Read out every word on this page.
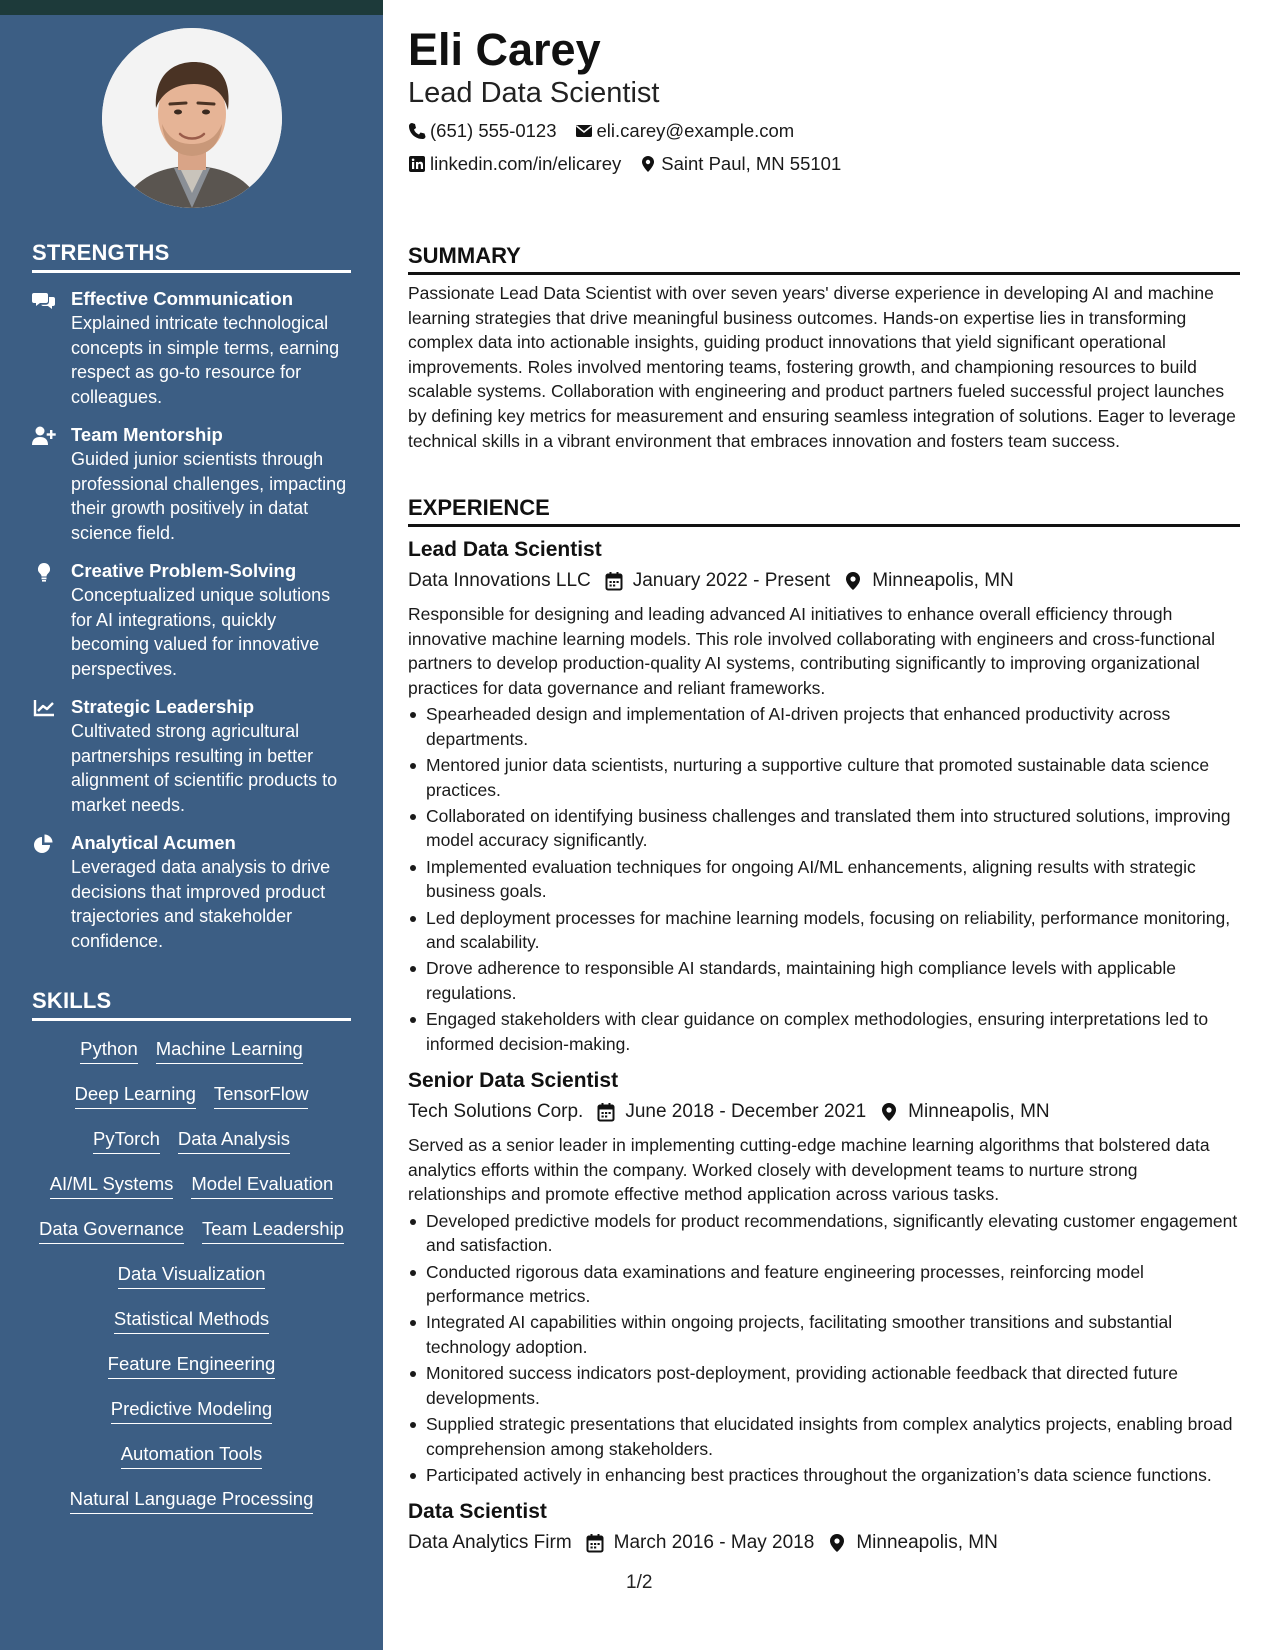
STRENGTHS
Effective Communication
Explained intricate technological concepts in simple terms, earning respect as go-to resource for colleagues.
Team Mentorship
Guided junior scientists through professional challenges, impacting their growth positively in datat science field.
Creative Problem-Solving
Conceptualized unique solutions for AI integrations, quickly becoming valued for innovative perspectives.
Strategic Leadership
Cultivated strong agricultural partnerships resulting in better alignment of scientific products to market needs.
Analytical Acumen
Leveraged data analysis to drive decisions that improved product trajectories and stakeholder confidence.
SKILLS
Python Machine Learning
Deep Learning TensorFlow
PyTorch Data Analysis
AI/ML Systems Model Evaluation
Data Governance Team Leadership
Data Visualization
Statistical Methods
Feature Engineering
Predictive Modeling
Automation Tools
Natural Language Processing
Eli Carey
Lead Data Scientist
(651) 555-0123 eli.carey@example.com
linkedin.com/in/elicarey Saint Paul, MN 55101
SUMMARY
Passionate Lead Data Scientist with over seven years' diverse experience in developing AI and machine learning strategies that drive meaningful business outcomes. Hands-on expertise lies in transforming complex data into actionable insights, guiding product innovations that yield significant operational improvements. Roles involved mentoring teams, fostering growth, and championing resources to build scalable systems. Collaboration with engineering and product partners fueled successful project launches by defining key metrics for measurement and ensuring seamless integration of solutions. Eager to leverage technical skills in a vibrant environment that embraces innovation and fosters team success.
EXPERIENCE
Lead Data Scientist
Data Innovations LLC January 2022 - Present Minneapolis, MN
Responsible for designing and leading advanced AI initiatives to enhance overall efficiency through innovative machine learning models. This role involved collaborating with engineers and cross-functional partners to develop production-quality AI systems, contributing significantly to improving organizational practices for data governance and reliant frameworks.
Spearheaded design and implementation of AI-driven projects that enhanced productivity across departments.
Mentored junior data scientists, nurturing a supportive culture that promoted sustainable data science practices.
Collaborated on identifying business challenges and translated them into structured solutions, improving model accuracy significantly.
Implemented evaluation techniques for ongoing AI/ML enhancements, aligning results with strategic business goals.
Led deployment processes for machine learning models, focusing on reliability, performance monitoring, and scalability.
Drove adherence to responsible AI standards, maintaining high compliance levels with applicable regulations.
Engaged stakeholders with clear guidance on complex methodologies, ensuring interpretations led to informed decision-making.
Senior Data Scientist
Tech Solutions Corp. June 2018 - December 2021 Minneapolis, MN
Served as a senior leader in implementing cutting-edge machine learning algorithms that bolstered data analytics efforts within the company. Worked closely with development teams to nurture strong relationships and promote effective method application across various tasks.
Developed predictive models for product recommendations, significantly elevating customer engagement and satisfaction.
Conducted rigorous data examinations and feature engineering processes, reinforcing model performance metrics.
Integrated AI capabilities within ongoing projects, facilitating smoother transitions and substantial technology adoption.
Monitored success indicators post-deployment, providing actionable feedback that directed future developments.
Supplied strategic presentations that elucidated insights from complex analytics projects, enabling broad comprehension among stakeholders.
Participated actively in enhancing best practices throughout the organization’s data science functions.
Data Scientist
Data Analytics Firm March 2016 - May 2018 Minneapolis, MN
1/2
